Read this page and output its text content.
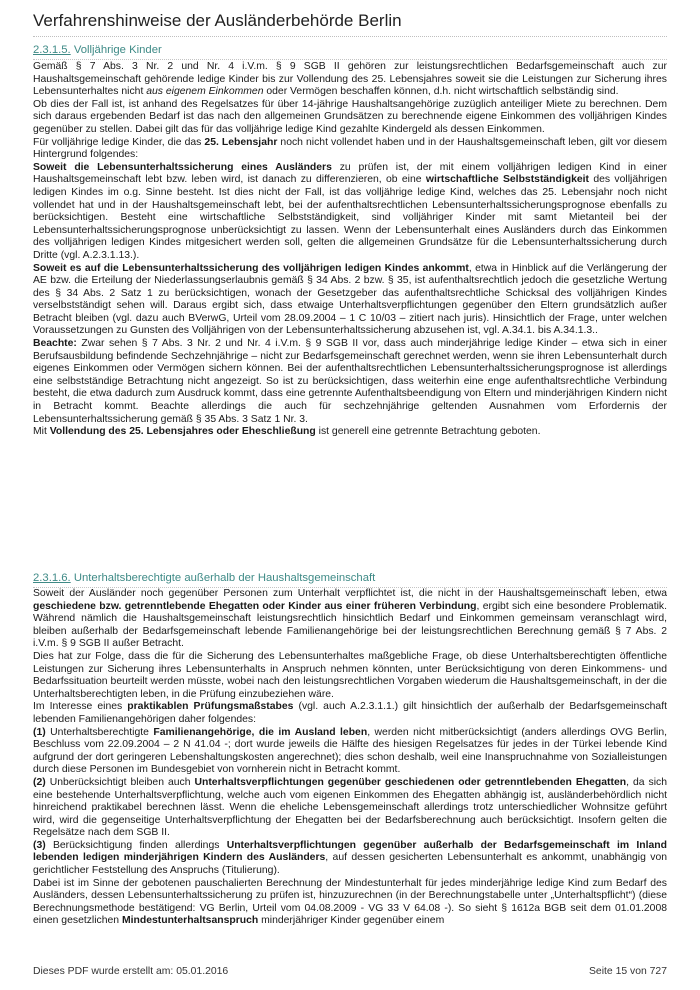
Verfahrenshinweise der Ausländerbehörde Berlin
2.3.1.5. Volljährige Kinder

Gemäß § 7 Abs. 3 Nr. 2 und Nr. 4 i.V.m. § 9 SGB II gehören zur leistungsrechtlichen Bedarfsgemeinschaft auch zur Haushaltsgemeinschaft gehörende ledige Kinder bis zur Vollendung des 25. Lebensjahres soweit sie die Leistungen zur Sicherung ihres Lebensunterhaltes nicht aus eigenem Einkommen oder Vermögen beschaffen können, d.h. nicht wirtschaftlich selbständig sind.

Ob dies der Fall ist, ist anhand des Regelsatzes für über 14-jährige Haushaltsangehörige zuzüglich anteiliger Miete zu berechnen. Dem sich daraus ergebenden Bedarf ist das nach den allgemeinen Grundsätzen zu berechnende eigene Einkommen des volljährigen Kindes gegenüber zu stellen. Dabei gilt das für das volljährige ledige Kind gezahlte Kindergeld als dessen Einkommen.

Für volljährige ledige Kinder, die das 25. Lebensjahr noch nicht vollendet haben und in der Haushaltsgemeinschaft leben, gilt vor diesem Hintergrund folgendes:

Soweit die Lebensunterhaltssicherung eines Ausländers zu prüfen ist, der mit einem volljährigen ledigen Kind in einer Haushaltsgemeinschaft lebt bzw. leben wird, ist danach zu differenzieren, ob eine wirtschaftliche Selbstständigkeit des volljährigen ledigen Kindes im o.g. Sinne besteht. Ist dies nicht der Fall, ist das volljährige ledige Kind, welches das 25. Lebensjahr noch nicht vollendet hat und in der Haushaltsgemeinschaft lebt, bei der aufenthaltsrechtlichen Lebensunterhaltssicherungsprognose ebenfalls zu berücksichtigen. Besteht eine wirtschaftliche Selbstständigkeit, sind volljähriger Kinder mit samt Mietanteil bei der Lebensunterhaltssicherungsprognose unberücksichtigt zu lassen. Wenn der Lebensunterhalt eines Ausländers durch das Einkommen des volljährigen ledigen Kindes mitgesichert werden soll, gelten die allgemeinen Grundsätze für die Lebensunterhaltssicherung durch Dritte (vgl. A.2.3.1.13.).

Soweit es auf die Lebensunterhaltssicherung des volljährigen ledigen Kindes ankommt, etwa in Hinblick auf die Verlängerung der AE bzw. die Erteilung der Niederlassungserlaubnis gemäß § 34 Abs. 2 bzw. § 35, ist aufenthaltsrechtlich jedoch die gesetzliche Wertung des § 34 Abs. 2 Satz 1 zu berücksichtigen, wonach der Gesetzgeber das aufenthaltsrechtliche Schicksal des volljährigen Kindes verselbstständigt sehen will. Daraus ergibt sich, dass etwaige Unterhaltsverpflichtungen gegenüber den Eltern grundsätzlich außer Betracht bleiben (vgl. dazu auch BVerwG, Urteil vom 28.09.2004 – 1 C 10/03 – zitiert nach juris). Hinsichtlich der Frage, unter welchen Voraussetzungen zu Gunsten des Volljährigen von der Lebensunterhaltssicherung abzusehen ist, vgl. A.34.1. bis A.34.1.3..

Beachte: Zwar sehen § 7 Abs. 3 Nr. 2 und Nr. 4 i.V.m. § 9 SGB II vor, dass auch minderjährige ledige Kinder – etwa sich in einer Berufsausbildung befindende Sechzehnjährige – nicht zur Bedarfsgemeinschaft gerechnet werden, wenn sie ihren Lebensunterhalt durch eigenes Einkommen oder Vermögen sichern können. Bei der aufenthaltsrechtlichen Lebensunterhaltssicherungsprognose ist allerdings eine selbstständige Betrachtung nicht angezeigt. So ist zu berücksichtigen, dass weiterhin eine enge aufenthaltsrechtliche Verbindung besteht, die etwa dadurch zum Ausdruck kommt, dass eine getrennte Aufenthaltsbeendigung von Eltern und minderjährigen Kindern nicht in Betracht kommt. Beachte allerdings die auch für sechzehnjährige geltenden Ausnahmen vom Erfordernis der Lebensunterhaltssicherung gemäß § 35 Abs. 3 Satz 1 Nr. 3.

Mit Vollendung des 25. Lebensjahres oder Eheschließung ist generell eine getrennte Betrachtung geboten.

2.3.1.6. Unterhaltsberechtigte außerhalb der Haushaltsgemeinschaft

Soweit der Ausländer noch gegenüber Personen zum Unterhalt verpflichtet ist, die nicht in der Haushaltsgemeinschaft leben, etwa geschiedene bzw. getrenntlebende Ehegatten oder Kinder aus einer früheren Verbindung, ergibt sich eine besondere Problematik. Während nämlich die Haushaltsgemeinschaft leistungsrechtlich hinsichtlich Bedarf und Einkommen gemeinsam veranschlagt wird, bleiben außerhalb der Bedarfsgemeinschaft lebende Familienangehörige bei der leistungsrechtlichen Berechnung gemäß § 7 Abs. 2 i.V.m. § 9 SGB II außer Betracht.

Dies hat zur Folge, dass die für die Sicherung des Lebensunterhaltes maßgebliche Frage, ob diese Unterhaltsberechtigten öffentliche Leistungen zur Sicherung ihres Lebensunterhalts in Anspruch nehmen könnten, unter Berücksichtigung von deren Einkommens- und Bedarfssituation beurteilt werden müsste, wobei nach den leistungsrechtlichen Vorgaben wiederum die Haushaltsgemeinschaft, in der die Unterhaltsberechtigten leben, in die Prüfung einzubeziehen wäre.

Im Interesse eines praktikablen Prüfungsmaßstabes (vgl. auch A.2.3.1.1.) gilt hinsichtlich der außerhalb der Bedarfsgemeinschaft lebenden Familienangehörigen daher folgendes:

(1) Unterhaltsberechtigte Familienangehörige, die im Ausland leben, werden nicht mitberücksichtigt (anders allerdings OVG Berlin, Beschluss vom 22.09.2004 – 2 N 41.04 -; dort wurde jeweils die Hälfte des hiesigen Regelsatzes für jedes in der Türkei lebende Kind aufgrund der dort geringeren Lebenshaltungskosten angerechnet); dies schon deshalb, weil eine Inanspruchnahme von Sozialleistungen durch diese Personen im Bundesgebiet von vornherein nicht in Betracht kommt.

(2) Unberücksichtigt bleiben auch Unterhaltsverpflichtungen gegenüber geschiedenen oder getrenntlebenden Ehegatten, da sich eine bestehende Unterhaltsverpflichtung, welche auch vom eigenen Einkommen des Ehegatten abhängig ist, ausländerbehördlich nicht hinreichend praktikabel berechnen lässt. Wenn die eheliche Lebensgemeinschaft allerdings trotz unterschiedlicher Wohnsitze geführt wird, wird die gegenseitige Unterhaltsverpflichtung der Ehegatten bei der Bedarfsberechnung auch berücksichtigt. Insofern gelten die Regelsätze nach dem SGB II.

(3) Berücksichtigung finden allerdings Unterhaltsverpflichtungen gegenüber außerhalb der Bedarfsgemeinschaft im Inland lebenden ledigen minderjährigen Kindern des Ausländers, auf dessen gesicherten Lebensunterhalt es ankommt, unabhängig von gerichtlicher Feststellung des Anspruchs (Titulierung).

Dabei ist im Sinne der gebotenen pauschalierten Berechnung der Mindestunterhalt für jedes minderjährige ledige Kind zum Bedarf des Ausländers, dessen Lebensunterhaltssicherung zu prüfen ist, hinzuzurechnen (in der Berechnungstabelle unter „Unterhaltspflicht“) (diese Berechnungsmethode bestätigend: VG Berlin, Urteil vom 04.08.2009 - VG 33 V 64.08 -). So sieht § 1612a BGB seit dem 01.01.2008 einen gesetzlichen Mindestunterhaltsanspruch minderjähriger Kinder gegenüber einem

Dieses PDF wurde erstellt am: 05.01.2016	Seite 15 von 727
